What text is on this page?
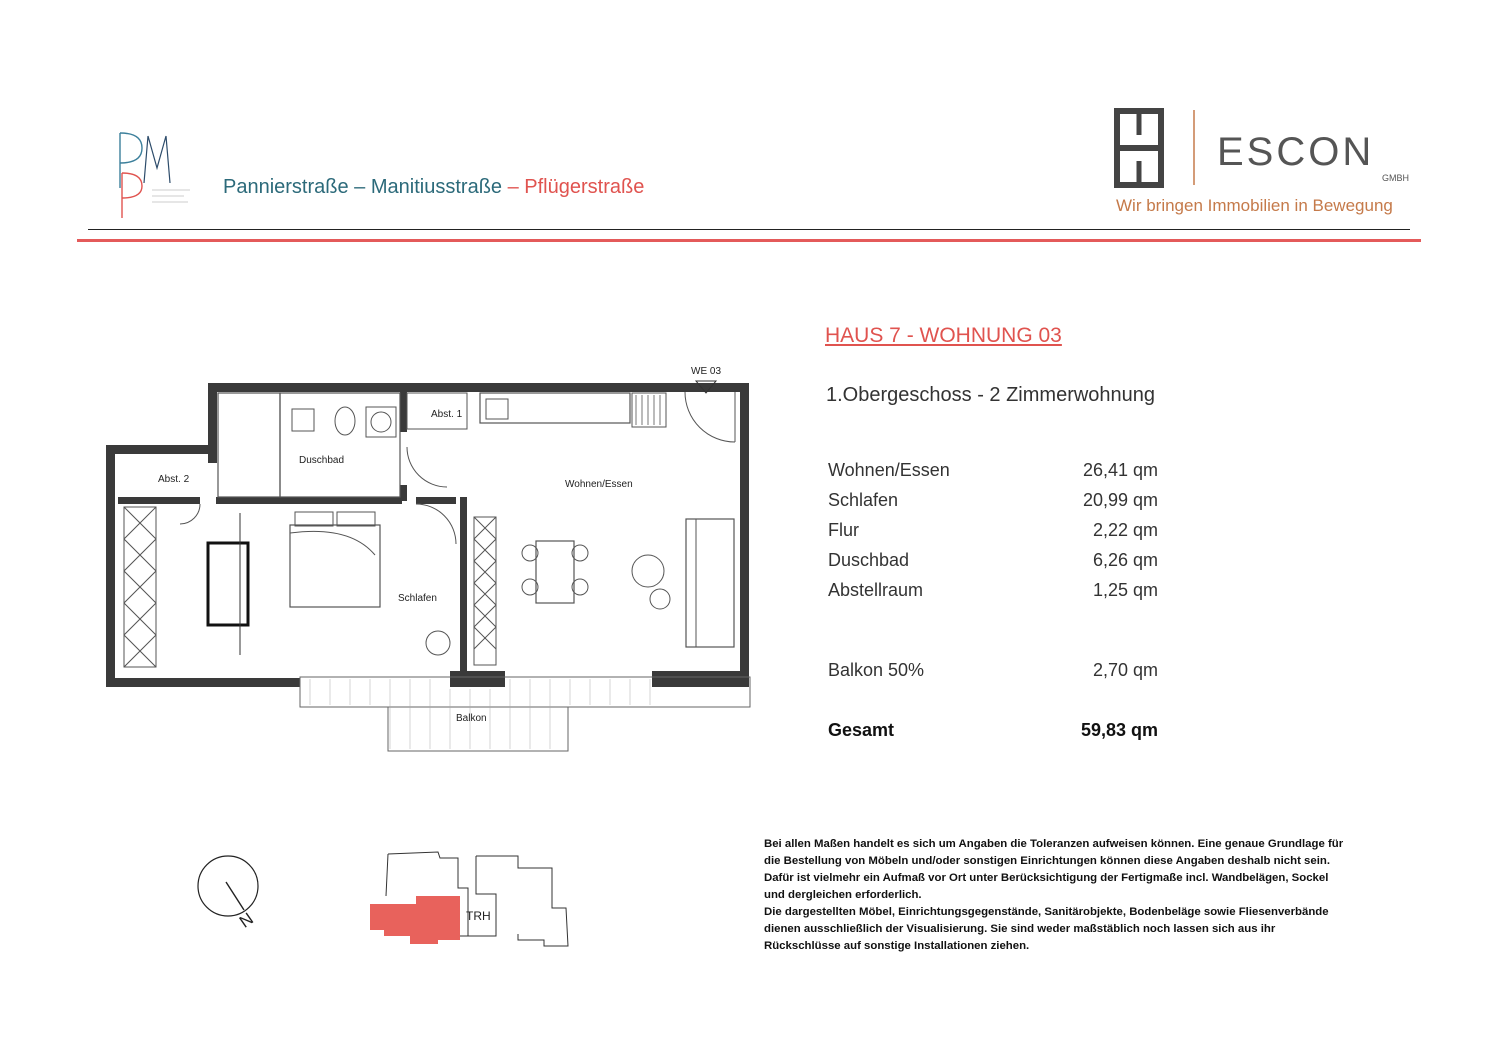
Pannierstraße – Manitiusstraße – Pflügerstraße
ESCON
GMBH
Wir bringen Immobilien in Bewegung
WE 03
Abst. 1
Abst. 2
Duschbad
Wohnen/Essen
Schlafen
Balkon
HAUS 7 - WOHNUNG 03
1.Obergeschoss - 2 Zimmerwohnung
Wohnen/Essen	26,41 qm
Schlafen	20,99 qm
Flur	2,22 qm
Duschbad	6,26 qm
Abstellraum	1,25 qm
Balkon 50%	2,70 qm
Gesamt	59,83 qm
N	TRH

Bei allen Maßen handelt es sich um Angaben die Toleranzen aufweisen können. Eine genaue Grundlage für die Bestellung von Möbeln und/oder sonstigen Einrichtungen können diese Angaben deshalb nicht sein. Dafür ist vielmehr ein Aufmaß vor Ort unter Berücksichtigung der Fertigmaße incl. Wandbelägen, Sockel und dergleichen erforderlich.

Die dargestellten Möbel, Einrichtungsgegenstände, Sanitärobjekte, Bodenbeläge sowie Fliesenverbände dienen ausschließlich der Visualisierung. Sie sind weder maßstäblich noch lassen sich aus ihr Rückschlüsse auf sonstige Installationen ziehen.
